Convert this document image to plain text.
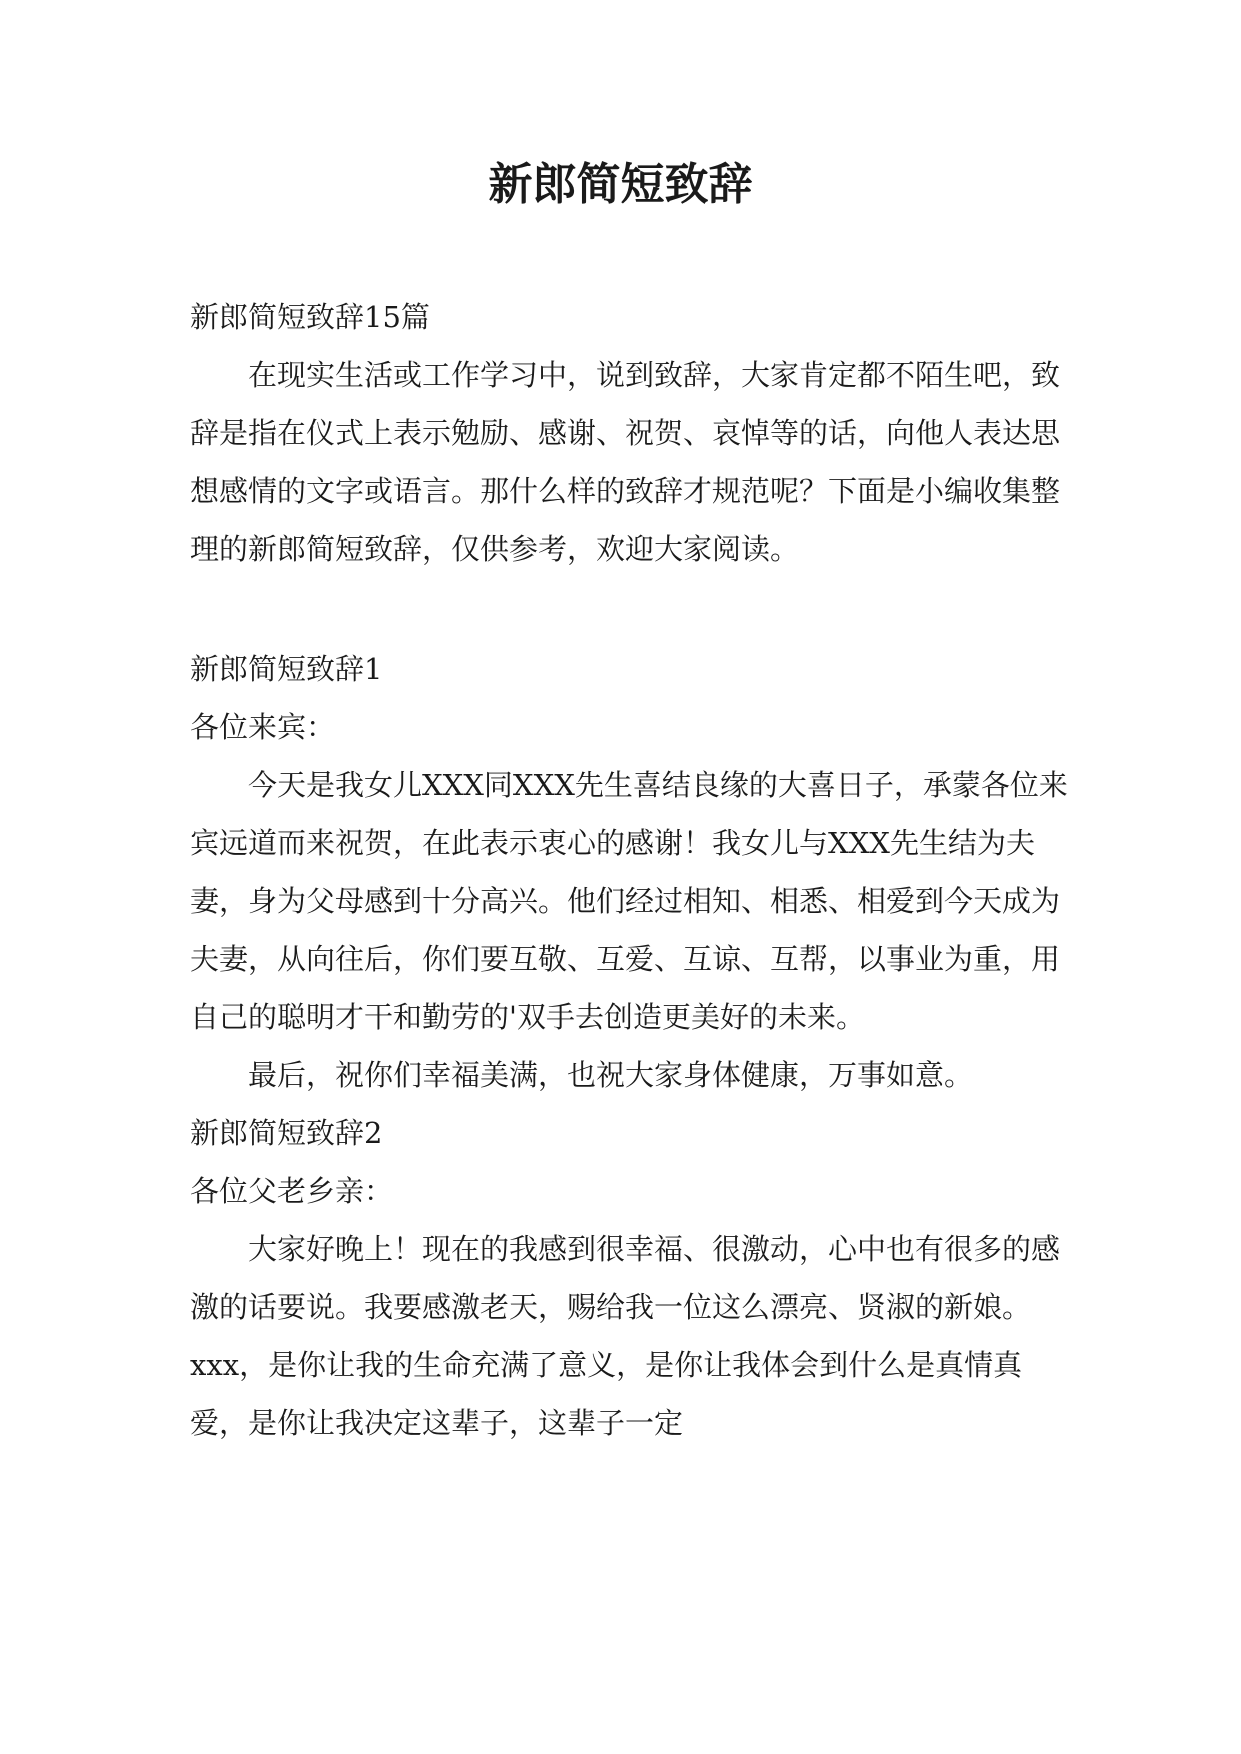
新郎简短致辞

新郎简短致辞15篇

在现实生活或工作学习中，说到致辞，大家肯定都不陌生吧，致辞是指在仪式上表示勉励、感谢、祝贺、哀悼等的话，向他人表达思想感情的文字或语言。那什么样的致辞才规范呢？下面是小编收集整理的新郎简短致辞，仅供参考，欢迎大家阅读。

新郎简短致辞1

各位来宾：

今天是我女儿XXX同XXX先生喜结良缘的大喜日子，承蒙各位来宾远道而来祝贺，在此表示衷心的感谢！我女儿与XXX先生结为夫妻，身为父母感到十分高兴。他们经过相知、相悉、相爱到今天成为夫妻，从向往后，你们要互敬、互爱、互谅、互帮，以事业为重，用自己的聪明才干和勤劳的'双手去创造更美好的未来。

最后，祝你们幸福美满，也祝大家身体健康，万事如意。

新郎简短致辞2

各位父老乡亲：

大家好晚上！现在的我感到很幸福、很激动，心中也有很多的感激的话要说。我要感激老天，赐给我一位这么漂亮、贤淑的新娘。xxx，是你让我的生命充满了意义，是你让我体会到什么是真情真爱，是你让我决定这辈子，这辈子一定
